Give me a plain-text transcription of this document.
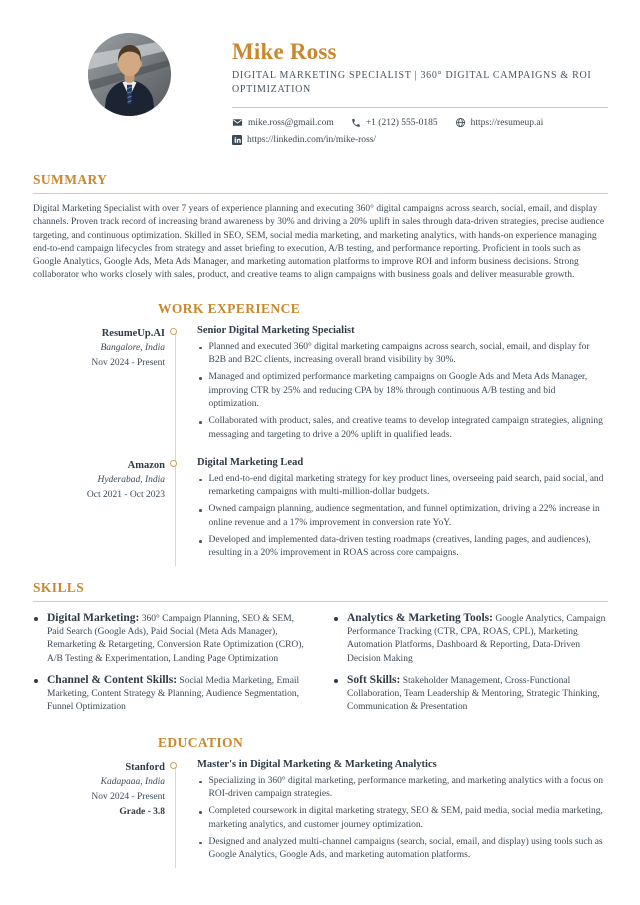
Mike Ross
DIGITAL MARKETING SPECIALIST | 360° DIGITAL CAMPAIGNS & ROI OPTIMIZATION
mike.ross@gmail.com	+1 (212) 555-0185	https://resumeup.ai
https://linkedin.com/in/mike-ross/
SUMMARY

Digital Marketing Specialist with over 7 years of experience planning and executing 360° digital campaigns across search, social, email, and display channels. Proven track record of increasing brand awareness by 30% and driving a 20% uplift in sales through data-driven strategies, precise audience targeting, and continuous optimization. Skilled in SEO, SEM, social media marketing, and marketing analytics, with hands-on experience managing end-to-end campaign lifecycles from strategy and asset briefing to execution, A/B testing, and performance reporting. Proficient in tools such as Google Analytics, Google Ads, Meta Ads Manager, and marketing automation platforms to improve ROI and inform business decisions. Strong collaborator who works closely with sales, product, and creative teams to align campaigns with business goals and deliver measurable growth.

WORK EXPERIENCE
ResumeUp.AI
Bangalore, India
Nov 2024 - Present
Senior Digital Marketing Specialist
Planned and executed 360° digital marketing campaigns across search, social, email, and display for B2B and B2C clients, increasing overall brand visibility by 30%.
Managed and optimized performance marketing campaigns on Google Ads and Meta Ads Manager, improving CTR by 25% and reducing CPA by 18% through continuous A/B testing and bid optimization.
Collaborated with product, sales, and creative teams to develop integrated campaign strategies, aligning messaging and targeting to drive a 20% uplift in qualified leads.
Amazon
Hyderabad, India
Oct 2021 - Oct 2023
Digital Marketing Lead
Led end-to-end digital marketing strategy for key product lines, overseeing paid search, paid social, and remarketing campaigns with multi-million-dollar budgets.
Owned campaign planning, audience segmentation, and funnel optimization, driving a 22% increase in online revenue and a 17% improvement in conversion rate YoY.
Developed and implemented data-driven testing roadmaps (creatives, landing pages, and audiences), resulting in a 20% improvement in ROAS across core campaigns.
SKILLS
Digital Marketing: 360° Campaign Planning, SEO & SEM, Paid Search (Google Ads), Paid Social (Meta Ads Manager), Remarketing & Retargeting, Conversion Rate Optimization (CRO), A/B Testing & Experimentation, Landing Page Optimization
Channel & Content Skills: Social Media Marketing, Email Marketing, Content Strategy & Planning, Audience Segmentation, Funnel Optimization
Analytics & Marketing Tools: Google Analytics, Campaign Performance Tracking (CTR, CPA, ROAS, CPL), Marketing Automation Platforms, Dashboard & Reporting, Data-Driven Decision Making
Soft Skills: Stakeholder Management, Cross-Functional Collaboration, Team Leadership & Mentoring, Strategic Thinking, Communication & Presentation
EDUCATION
Stanford
Kadapaaa, India
Nov 2024 - Present
Grade - 3.8
Master's in Digital Marketing & Marketing Analytics
Specializing in 360° digital marketing, performance marketing, and marketing analytics with a focus on ROI-driven campaign strategies.
Completed coursework in digital marketing strategy, SEO & SEM, paid media, social media marketing, marketing analytics, and customer journey optimization.
Designed and analyzed multi-channel campaigns (search, social, email, and display) using tools such as Google Analytics, Google Ads, and marketing automation platforms.
